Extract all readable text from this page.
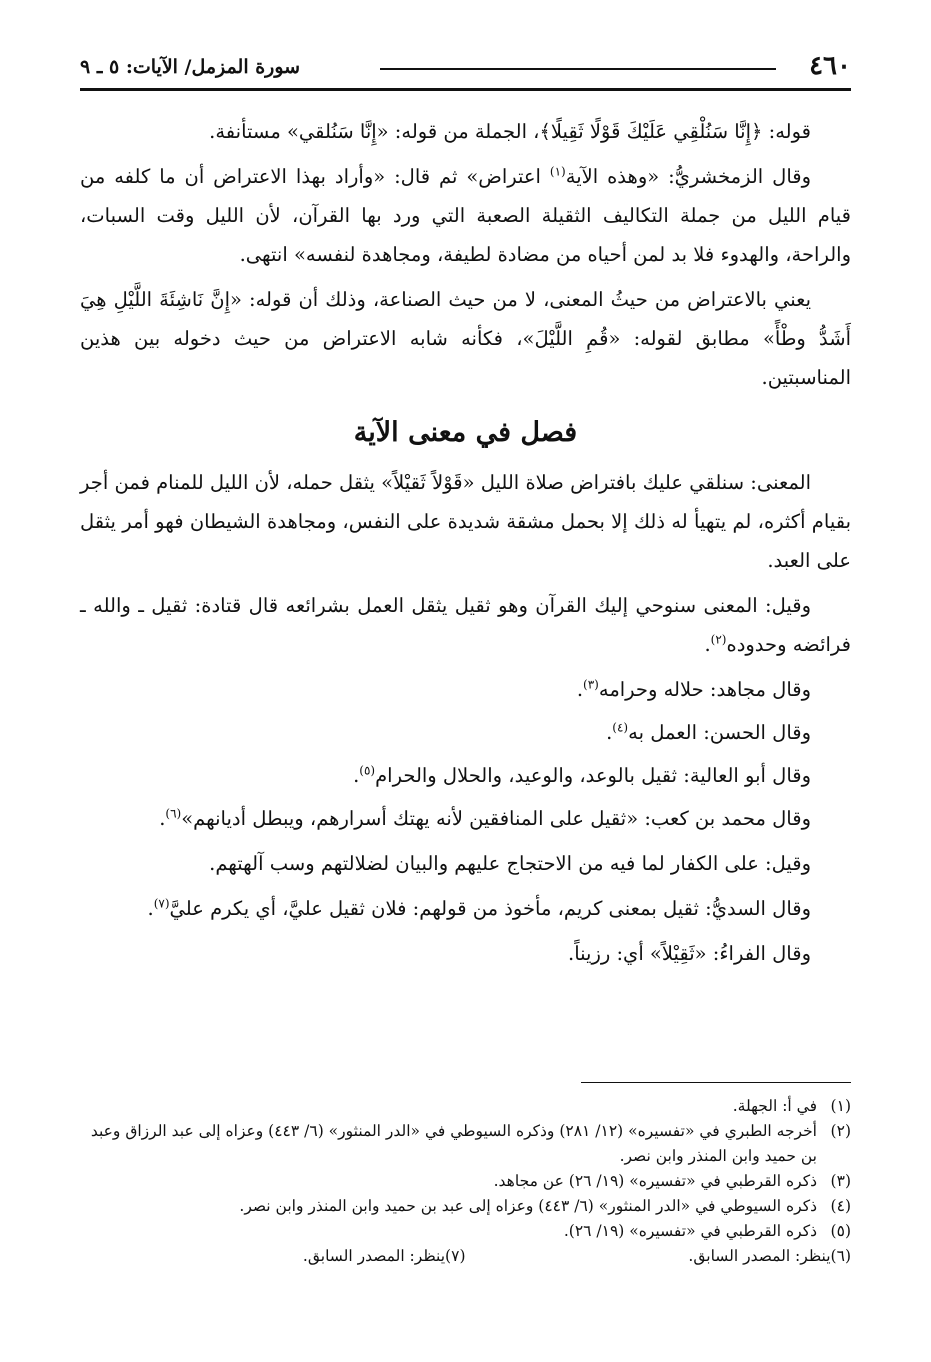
٤٦٠
سورة المزمل/ الآيات: ٥ ـ ٩

قوله: ﴿إِنَّا سَنُلْقِي عَلَيْكَ قَوْلًا ثَقِيلًا﴾، الجملة من قوله: «إِنَّا سَنُلقي» مستأنفة.

وقال الزمخشريُّ: «وهذه الآية$^{(١)}$ اعتراض» ثم قال: «وأراد بهذا الاعتراض أن ما كلفه من قيام الليل من جملة التكاليف الثقيلة الصعبة التي ورد بها القرآن، لأن الليل وقت السبات، والراحة، والهدوء فلا بد لمن أحياه من مضادة لطيفة، ومجاهدة لنفسه» انتهى.

يعني بالاعتراض من حيثُ المعنى، لا من حيث الصناعة، وذلك أن قوله: «إِنَّ نَاشِئَةَ اللَّيْلِ هِيَ أَشَدُّ وطْأً» مطابق لقوله: «قُمِ اللَّيْلَ»، فكأنه شابه الاعتراض من حيث دخوله بين هذين المناسبتين.

فصل في معنى الآية

المعنى: سنلقي عليك بافتراض صلاة الليل «قَوْلاً ثَقيْلاً» يثقل حمله، لأن الليل للمنام فمن أجر بقيام أكثره، لم يتهيأ له ذلك إلا بحمل مشقة شديدة على النفس، ومجاهدة الشيطان فهو أمر يثقل على العبد.

وقيل: المعنى سنوحي إليك القرآن وهو ثقيل يثقل العمل بشرائعه قال قتادة: ثقيل ـ والله ـ فرائضه وحدوده$^{(٢)}$.

وقال مجاهد: حلاله وحرامه$^{(٣)}$.

وقال الحسن: العمل به$^{(٤)}$.

وقال أبو العالية: ثقيل بالوعد، والوعيد، والحلال والحرام$^{(٥)}$.

وقال محمد بن كعب: «ثقيل على المنافقين لأنه يهتك أسرارهم، ويبطل أديانهم»$^{(٦)}$.

وقيل: على الكفار لما فيه من الاحتجاج عليهم والبيان لضلالتهم وسب آلهتهم.

وقال السديُّ: ثقيل بمعنى كريم، مأخوذ من قولهم: فلان ثقيل عليَّ، أي يكرم عليَّ$^{(٧)}$.

وقال الفراءُ: «ثَقِيْلاً» أي: رزيناً.

(١)
في أ: الجهلة.
(٢)
أخرجه الطبري في «تفسيره» (١٢/ ٢٨١) وذكره السيوطي في «الدر المنثور» (٦/ ٤٤٣) وعزاه إلى عبد الرزاق وعبد بن حميد وابن المنذر وابن نصر.
(٣)
ذكره القرطبي في «تفسيره» (١٩/ ٢٦) عن مجاهد.
(٤)
ذكره السيوطي في «الدر المنثور» (٦/ ٤٤٣) وعزاه إلى عبد بن حميد وابن المنذر وابن نصر.
(٥)
ذكره القرطبي في «تفسيره» (١٩/ ٢٦).
(٦)
ينظر: المصدر السابق.
(٧)
ينظر: المصدر السابق.
